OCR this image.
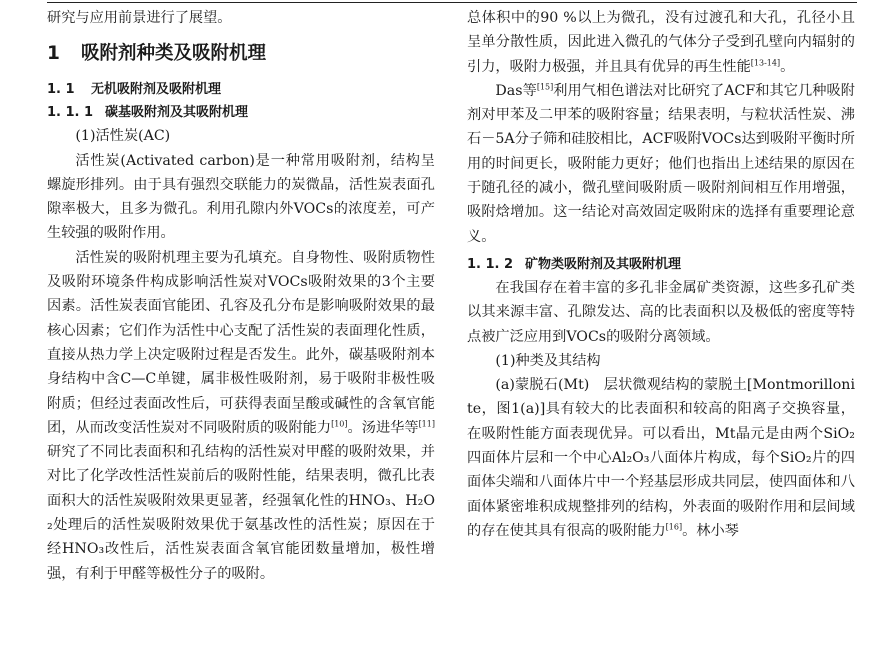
研究与应用前景进行了展望。

1 吸附剂种类及吸附机理
1. 1 无机吸附剂及吸附机理
1. 1. 1 碳基吸附剂及其吸附机理

(1)活性炭(AC)

活性炭(Activated carbon)是一种常用吸附剂，结构呈螺旋形排列。由于具有强烈交联能力的炭微晶，活性炭表面孔隙率极大，且多为微孔。利用孔隙内外VOCs的浓度差，可产生较强的吸附作用。

活性炭的吸附机理主要为孔填充。自身物性、吸附质物性及吸附环境条件构成影响活性炭对VOCs吸附效果的3个主要因素。活性炭表面官能团、孔容及孔分布是影响吸附效果的最核心因素；它们作为活性中心支配了活性炭的表面理化性质，直接从热力学上决定吸附过程是否发生。此外，碳基吸附剂本身结构中含C—C单键，属非极性吸附剂，易于吸附非极性吸附质；但经过表面改性后，可获得表面呈酸或碱性的含氧官能团，从而改变活性炭对不同吸附质的吸附能力[10]。汤进华等[11]研究了不同比表面积和孔结构的活性炭对甲醛的吸附效果，并对比了化学改性活性炭前后的吸附性能，结果表明，微孔比表面积大的活性炭吸附效果更显著，经强氧化性的HNO₃、H₂O₂处理后的活性炭吸附效果优于氨基改性的活性炭；原因在于经HNO₃改性后，活性炭表面含氧官能团数量增加，极性增强，有利于甲醛等极性分子的吸附。

总体积中的90 %以上为微孔，没有过渡孔和大孔，孔径小且呈单分散性质，因此进入微孔的气体分子受到孔壁向内辐射的引力，吸附力极强，并且具有优异的再生性能[13-14]。

Das等[15]利用气相色谱法对比研究了ACF和其它几种吸附剂对甲苯及二甲苯的吸附容量；结果表明，与粒状活性炭、沸石－5A分子筛和硅胶相比，ACF吸附VOCs达到吸附平衡时所用的时间更长，吸附能力更好；他们也指出上述结果的原因在于随孔径的减小，微孔壁间吸附质－吸附剂间相互作用增强，吸附焓增加。这一结论对高效固定吸附床的选择有重要理论意义。

1. 1. 2 矿物类吸附剂及其吸附机理

在我国存在着丰富的多孔非金属矿类资源，这些多孔矿类以其来源丰富、孔隙发达、高的比表面积以及极低的密度等特点被广泛应用到VOCs的吸附分离领域。

(1)种类及其结构

(a)蒙脱石(Mt)　层状微观结构的蒙脱土[Montmorillonite，图1(a)]具有较大的比表面积和较高的阳离子交换容量，在吸附性能方面表现优异。可以看出，Mt晶元是由两个SiO₂四面体片层和一个中心Al₂O₃八面体片构成，每个SiO₂片的四面体尖端和八面体片中一个羟基层形成共同层，使四面体和八面体紧密堆积成规整排列的结构，外表面的吸附作用和层间域的存在使其具有很高的吸附能力[16]。林小琴
